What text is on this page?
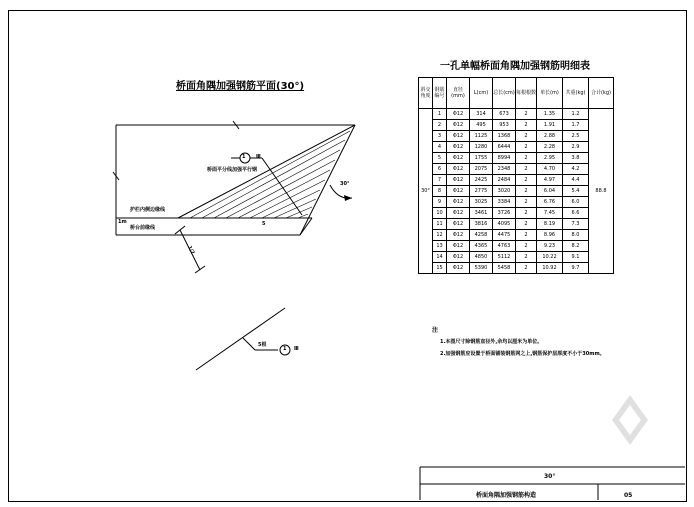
桥面角隅加强钢筋平面(30°)
桥面平分线加强平行钢
护栏内侧边缘线
桥台前缘线
1/2
1m	5
1 Ⅲ
30°
5根
1 Ⅲ
一孔单幅桥面角隅加强钢筋明细表
斜交角度	钢筋编号	直径(mm)	L(cm)	总长(cm)	每根根数	单长(m)	共重(kg)	合计(kg)
30°	1	Φ12	314	673	2	1.35	1.2	88.8
	2	Φ12	495	953	2	1.91	1.7	
	3	Φ12	1125	1368	2	2.88	2.5	
	4	Φ12	1280	6444	2	2.28	2.9	
	5	Φ12	1755	8994	2	2.95	3.8	
	6	Φ12	2075	2348	2	4.70	4.2	
	7	Φ12	2425	2484	2	4.97	4.4	
	8	Φ12	2775	3020	2	6.04	5.4	
	9	Φ12	3025	3384	2	6.76	6.0	
	10	Φ12	3461	3726	2	7.45	6.6	
	11	Φ12	3816	4095	2	8.19	7.3	
	12	Φ12	4258	4475	2	8.96	8.0	
	13	Φ12	4365	4763	2	9.23	8.2	
	14	Φ12	4850	5112	2	10.22	9.1	
	15	Φ12	5390	5458	2	10.92	9.7	
注
1.本图尺寸除钢筋直径外,余均以厘米为单位。
2.加强钢筋应设置于桥面铺装钢筋网之上,钢筋保护层厚度不小于30mm。
30°
桥面角隅加强钢筋构造	05
